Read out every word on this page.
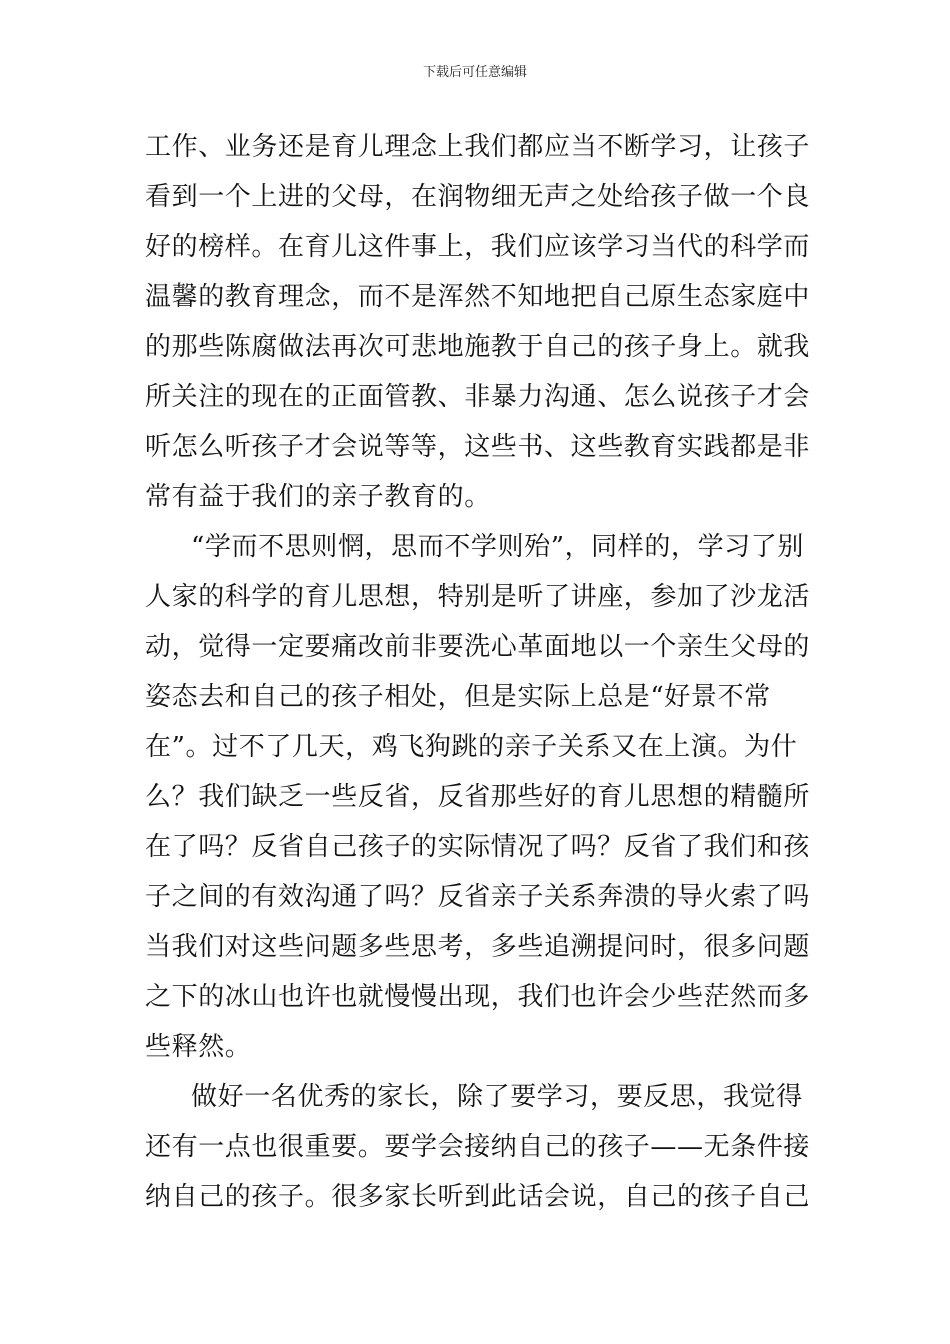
下载后可任意编辑
工作、业务还是育儿理念上我们都应当不断学习，让孩子
看到一个上进的父母，在润物细无声之处给孩子做一个良
好的榜样。在育儿这件事上，我们应该学习当代的科学而
温馨的教育理念，而不是浑然不知地把自己原生态家庭中
的那些陈腐做法再次可悲地施教于自己的孩子身上。就我
所关注的现在的正面管教、非暴力沟通、怎么说孩子才会
听怎么听孩子才会说等等，这些书、这些教育实践都是非
常有益于我们的亲子教育的。
“学而不思则惘，思而不学则殆”，同样的，学习了别
人家的科学的育儿思想，特别是听了讲座，参加了沙龙活
动，觉得一定要痛改前非要洗心革面地以一个亲生父母的
姿态去和自己的孩子相处，但是实际上总是“好景不常
在”。过不了几天，鸡飞狗跳的亲子关系又在上演。为什
么？我们缺乏一些反省，反省那些好的育儿思想的精髓所
在了吗？反省自己孩子的实际情况了吗？反省了我们和孩
子之间的有效沟通了吗？反省亲子关系奔溃的导火索了吗
当我们对这些问题多些思考，多些追溯提问时，很多问题
之下的冰山也许也就慢慢出现，我们也许会少些茫然而多
些释然。
做好一名优秀的家长，除了要学习，要反思，我觉得
还有一点也很重要。要学会接纳自己的孩子——无条件接
纳自己的孩子。很多家长听到此话会说，自己的孩子自己
